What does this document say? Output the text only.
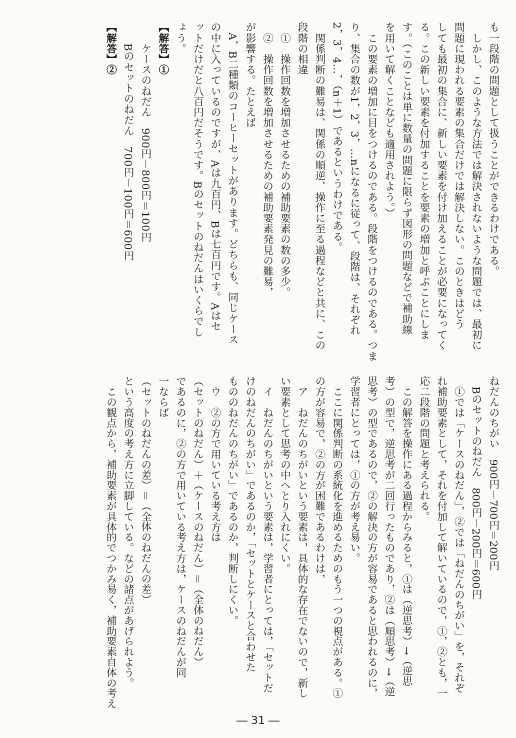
も一段階の問題として扱うことができるわけである。
　しかし、このような方法では解決されないような問題では、最初に
問題に現われる要素の集合だけでは解決しない。このときはどう
しても最初の集合に、新しい要素を付け加えることが必要になってく
る。この新しい要素を付加することを要素の増加と呼ぶことにしま
す。（このことは単に数量の問題に限らず図形の問題などで補助線
を用いて解くことなども適用されよう。）
　この要素の増加に目をつけるのである。段階をつけるのである。つま
り、集合の数が1，2，3，…nになるに従って、段階は、それぞれ
2，3，4…，（n＋1）であるというわけである。
　関係判断の難易は、関係の順逆、操作に至る過程などと共に、この
段階の相違
　①　操作回数を増加させるための補助要素の数の多少。
　②　操作回数を増加させるための補助要素発見の難易，
が影響する。たとえば
　A，B二種類のコーヒーセットがあります。どちらも、同じケース
の中に入っているのですが、Aは九百円、Bは七百円です。Aはセ
ットだけだと八百円だそうです。Bのセットのねだんはいくらでし
ょう。
【解答】①
　　ケースのねだん　900円－800円＝100円
　　Bのセットのねだん　700円－100円＝600円
【解答】②
ねだんのちがい　900円－700円＝200円
　Bのセットのねだん　800円－200円＝600円
　①では「ケースのねだん」，②では「ねだんのちがい」を，それぞ
れ補助要素として，それを付加して解いているので，①，②とも，一
応二段階の問題と考えられる。
　この解答を操作にある過程からみると，①は（逆思考）→（逆思
考）の型で，逆思考が二回行ったものであり，②は（順思考）→（逆
思考）の型であるので，②の解決の方が容易であると思われるのに，
学習者にとっては，①の方が考え易い。
　ここに関係判断の系統化を進めるためのもう一つの視点がある。①
の方が容易で，②の方が困難であるわけは，
　ア　ねだんのちがいという要素は，具体的な存在でないので，新し
い要素として思考の中へとり入れにくい。
　イ　ねだんのちがいという要素は，学習者にとっては，「セットだ
けのねだんのちがい」であるのか，「セットとケースと合わせた
もののねだんのちがい」であるのか，判断しにくい。
　ウ　②の方で用いている考え方は
（セットのねだん）＋（ケースのねだん）＝（全体のねだん）
であるのに，②の方で用いている考え方は，ケースのねだんが同
一ならば
（セットのねだんの差）＝（全体のねだんの差）
という高度の考え方に立脚している。などの諸点があげられよう。
　この観点から，補助要素が具体的でつかみ易く，補助要素自体の考え
― 31 ―
